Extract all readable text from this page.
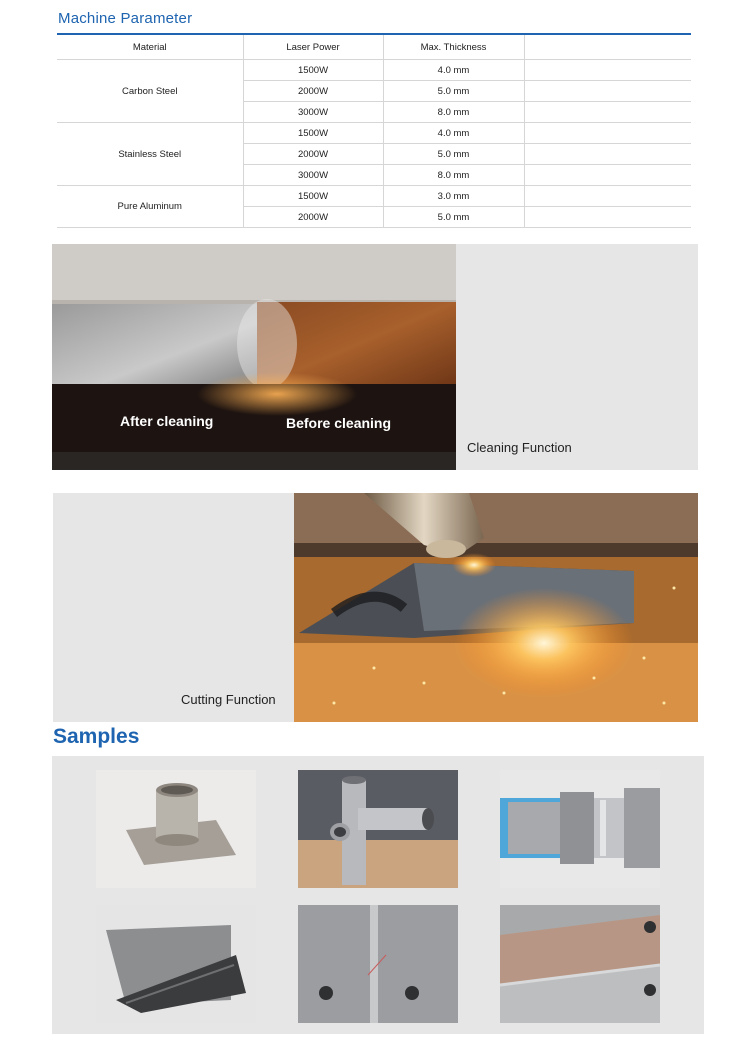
Machine Parameter
Material	Laser Power	Max. Thickness	
Carbon Steel	1500W	4.0 mm	
	2000W	5.0 mm	
	3000W	8.0 mm	
Stainless Steel	1500W	4.0 mm	
	2000W	5.0 mm	
	3000W	8.0 mm	
Pure Aluminum	1500W	3.0 mm	
	2000W	5.0 mm	
After cleaning	Before cleaning
Cleaning Function
Cutting Function
Samples
